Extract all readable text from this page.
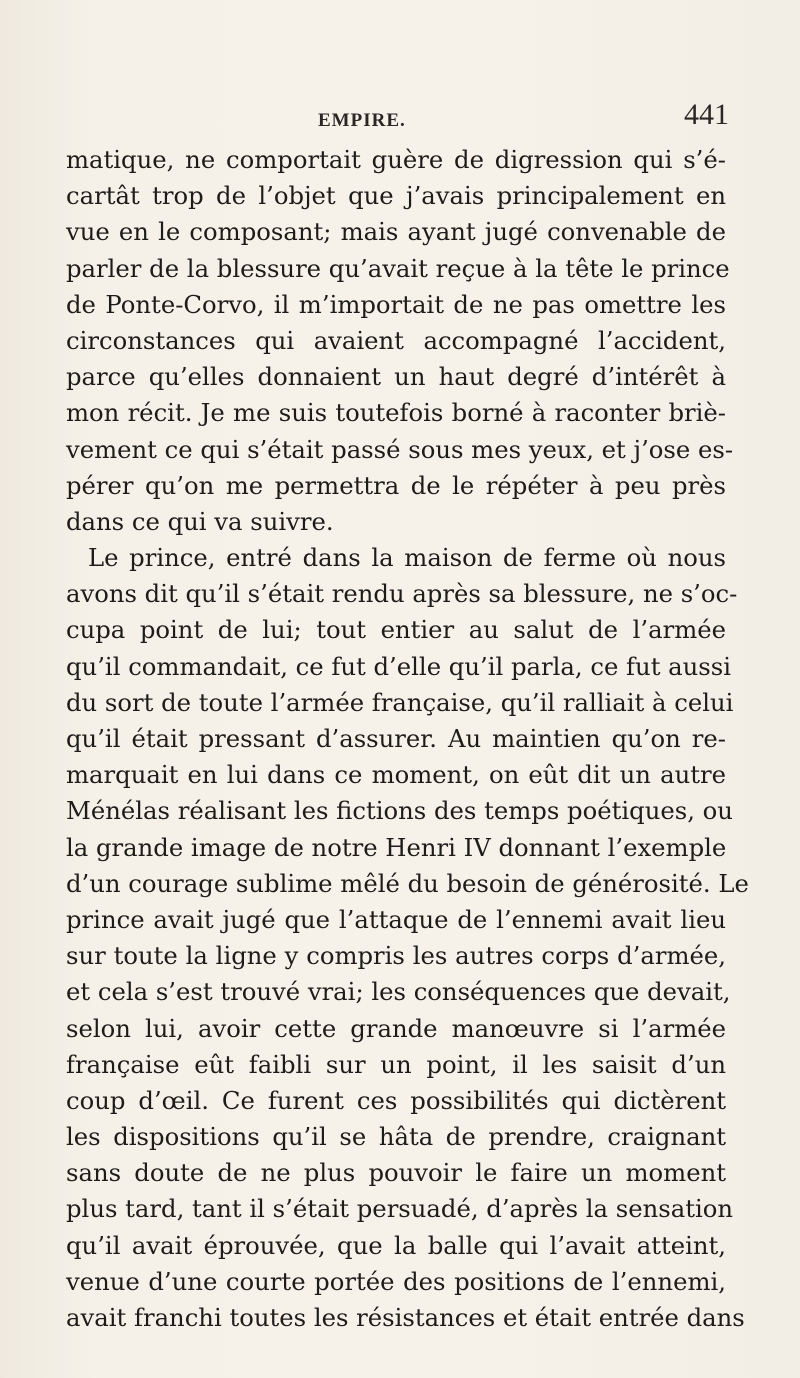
EMPIRE.	441
matique, ne comportait guère de digression qui s’é-
cartât trop de l’objet que j’avais principalement en
vue en le composant; mais ayant jugé convenable de
parler de la blessure qu’avait reçue à la tête le prince
de Ponte-Corvo, il m’importait de ne pas omettre les
circonstances qui avaient accompagné l’accident,
parce qu’elles donnaient un haut degré d’intérêt à
mon récit. Je me suis toutefois borné à raconter briè-
vement ce qui s’était passé sous mes yeux, et j’ose es-
pérer qu’on me permettra de le répéter à peu près
dans ce qui va suivre.
Le prince, entré dans la maison de ferme où nous
avons dit qu’il s’était rendu après sa blessure, ne s’oc-
cupa point de lui; tout entier au salut de l’armée
qu’il commandait, ce fut d’elle qu’il parla, ce fut aussi
du sort de toute l’armée française, qu’il ralliait à celui
qu’il était pressant d’assurer. Au maintien qu’on re-
marquait en lui dans ce moment, on eût dit un autre
Ménélas réalisant les fictions des temps poétiques, ou
la grande image de notre Henri IV donnant l’exemple
d’un courage sublime mêlé du besoin de générosité. Le
prince avait jugé que l’attaque de l’ennemi avait lieu
sur toute la ligne y compris les autres corps d’armée,
et cela s’est trouvé vrai; les conséquences que devait,
selon lui, avoir cette grande manœuvre si l’armée
française eût faibli sur un point, il les saisit d’un
coup d’œil. Ce furent ces possibilités qui dictèrent
les dispositions qu’il se hâta de prendre, craignant
sans doute de ne plus pouvoir le faire un moment
plus tard, tant il s’était persuadé, d’après la sensation
qu’il avait éprouvée, que la balle qui l’avait atteint,
venue d’une courte portée des positions de l’ennemi,
avait franchi toutes les résistances et était entrée dans
